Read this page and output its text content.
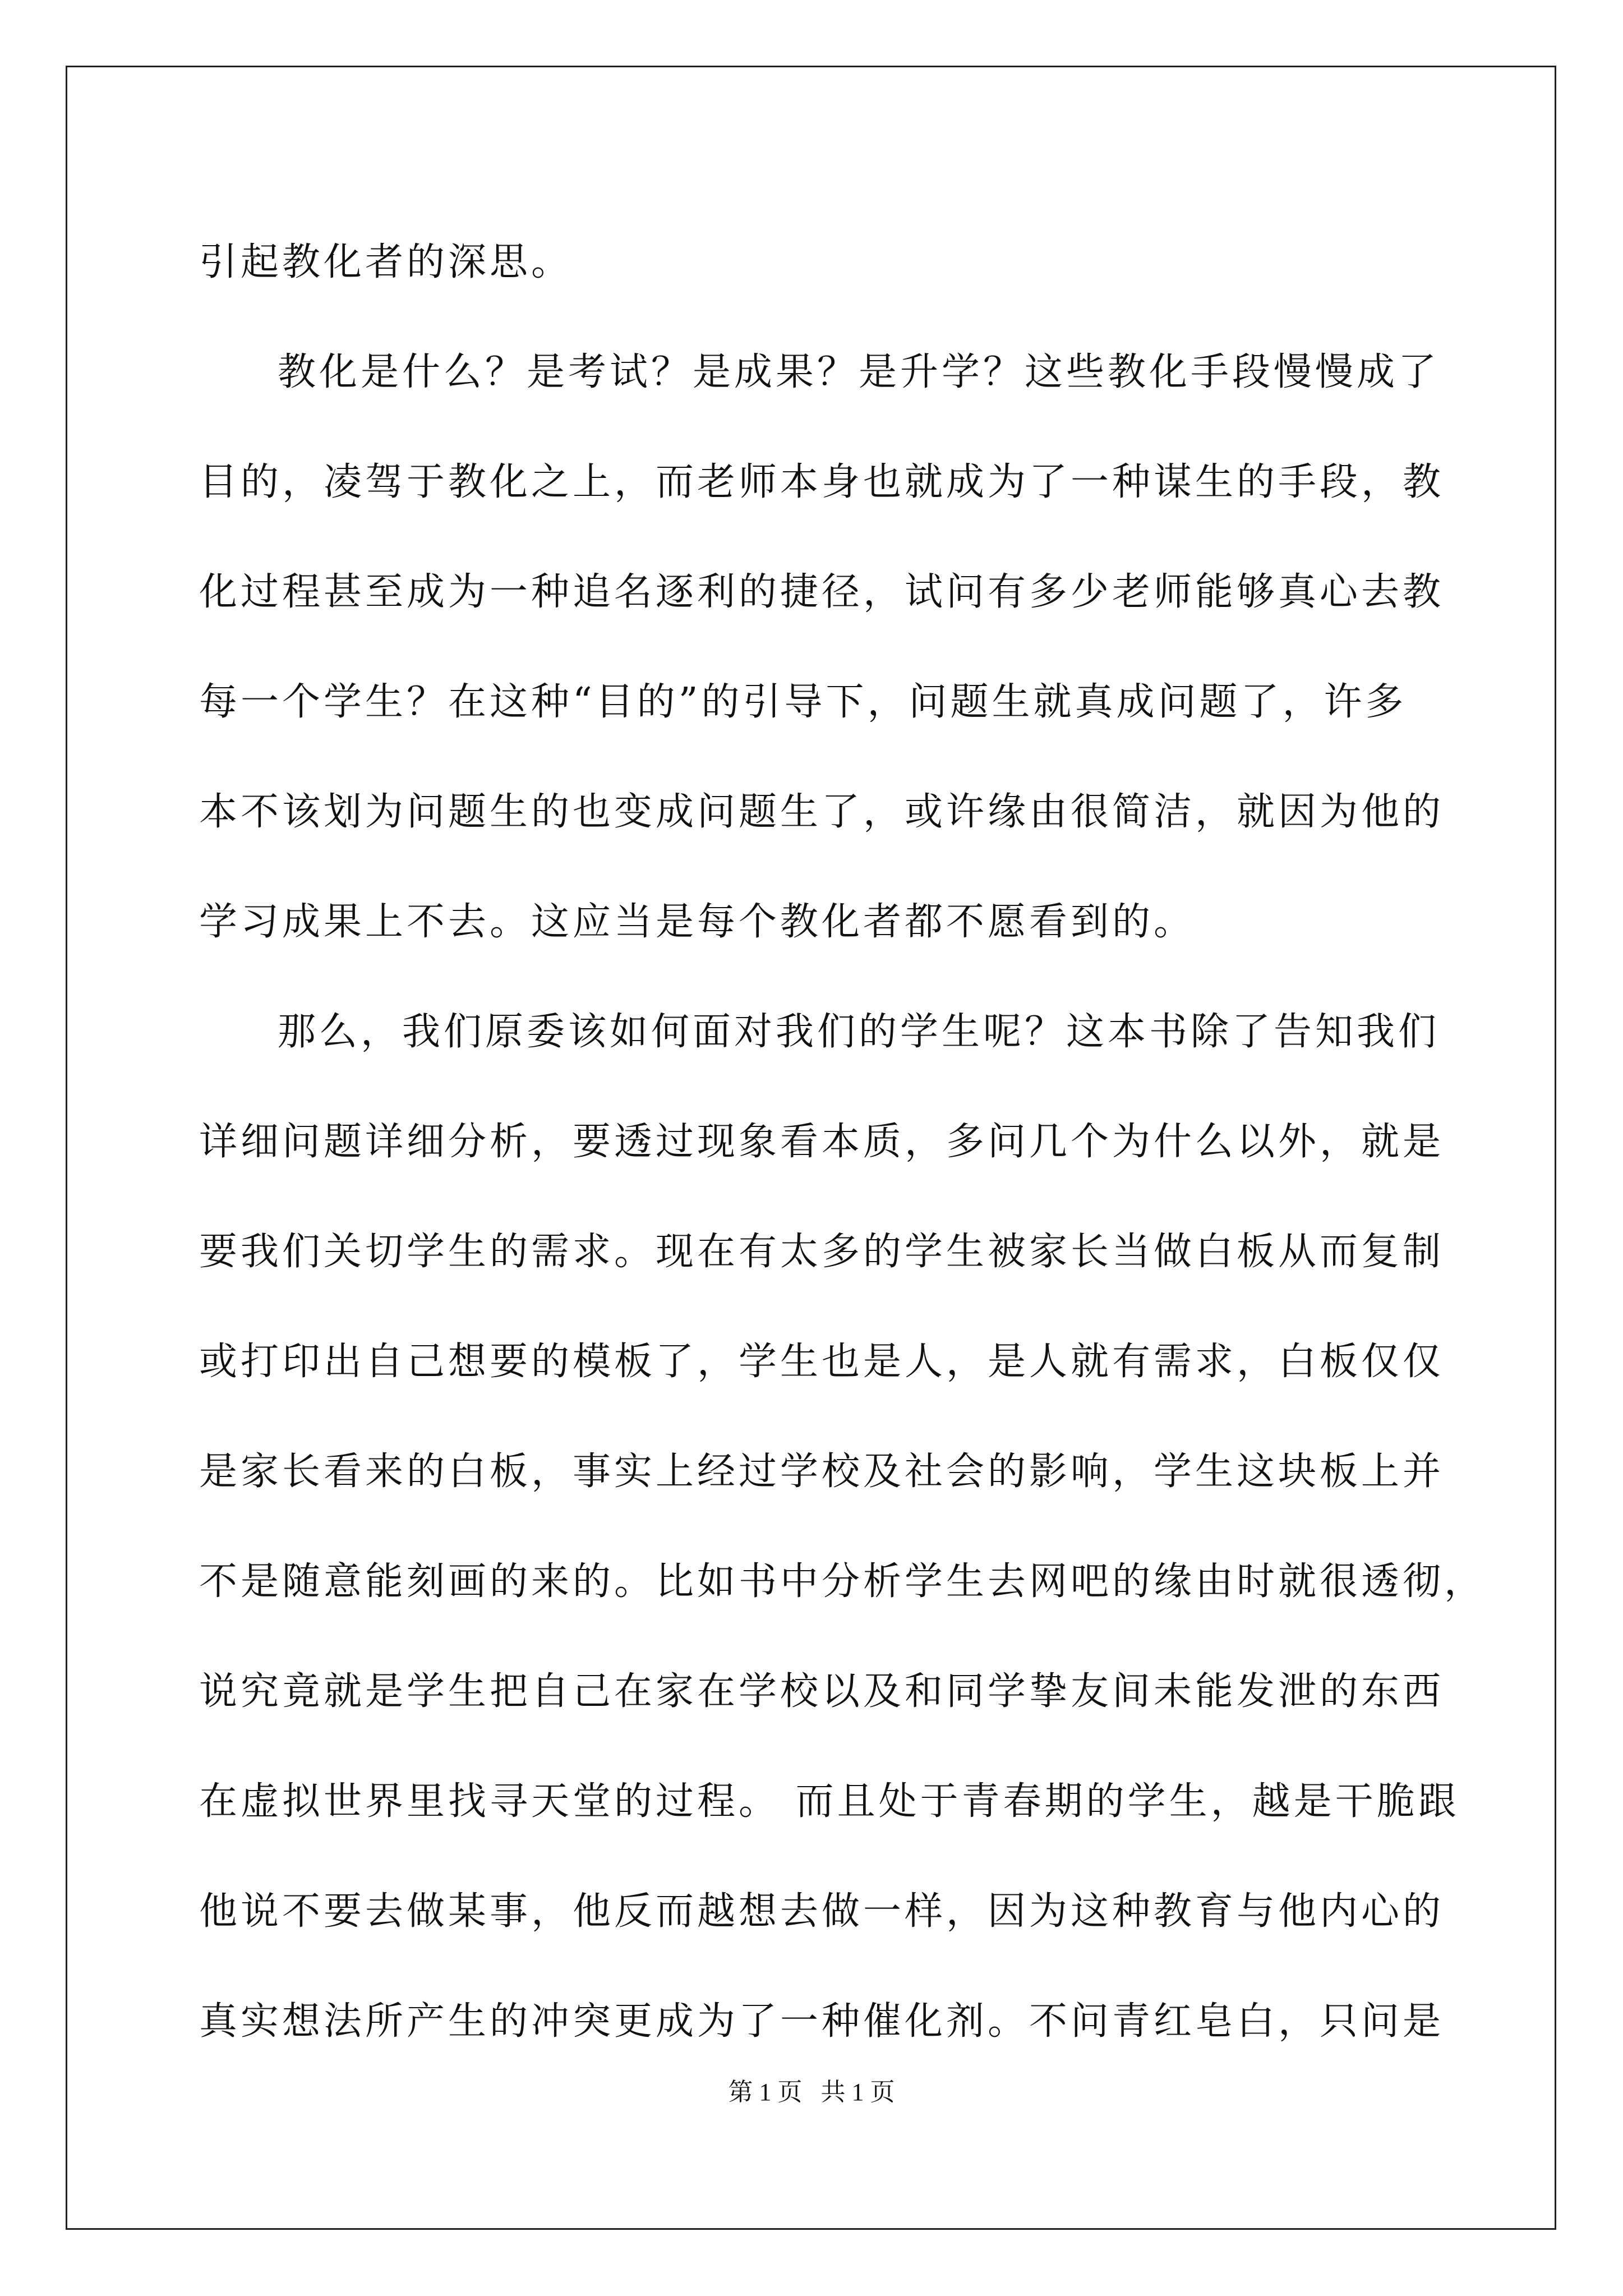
引起教化者的深思。
教化是什么？是考试？是成果？是升学？这些教化手段慢慢成了
目的，凌驾于教化之上，而老师本身也就成为了一种谋生的手段，教
化过程甚至成为一种追名逐利的捷径，试问有多少老师能够真心去教
每一个学生？在这种“目的”的引导下，问题生就真成问题了，许多
本不该划为问题生的也变成问题生了，或许缘由很简洁，就因为他的
学习成果上不去。这应当是每个教化者都不愿看到的。
那么，我们原委该如何面对我们的学生呢？这本书除了告知我们
详细问题详细分析，要透过现象看本质，多问几个为什么以外，就是
要我们关切学生的需求。现在有太多的学生被家长当做白板从而复制
或打印出自己想要的模板了，学生也是人，是人就有需求，白板仅仅
是家长看来的白板，事实上经过学校及社会的影响，学生这块板上并
不是随意能刻画的来的。比如书中分析学生去网吧的缘由时就很透彻，
说究竟就是学生把自己在家在学校以及和同学挚友间未能发泄的东西
在虚拟世界里找寻天堂的过程。 而且处于青春期的学生，越是干脆跟
他说不要去做某事，他反而越想去做一样，因为这种教育与他内心的
真实想法所产生的冲突更成为了一种催化剂。不问青红皂白，只问是
第 1 页   共 1 页
